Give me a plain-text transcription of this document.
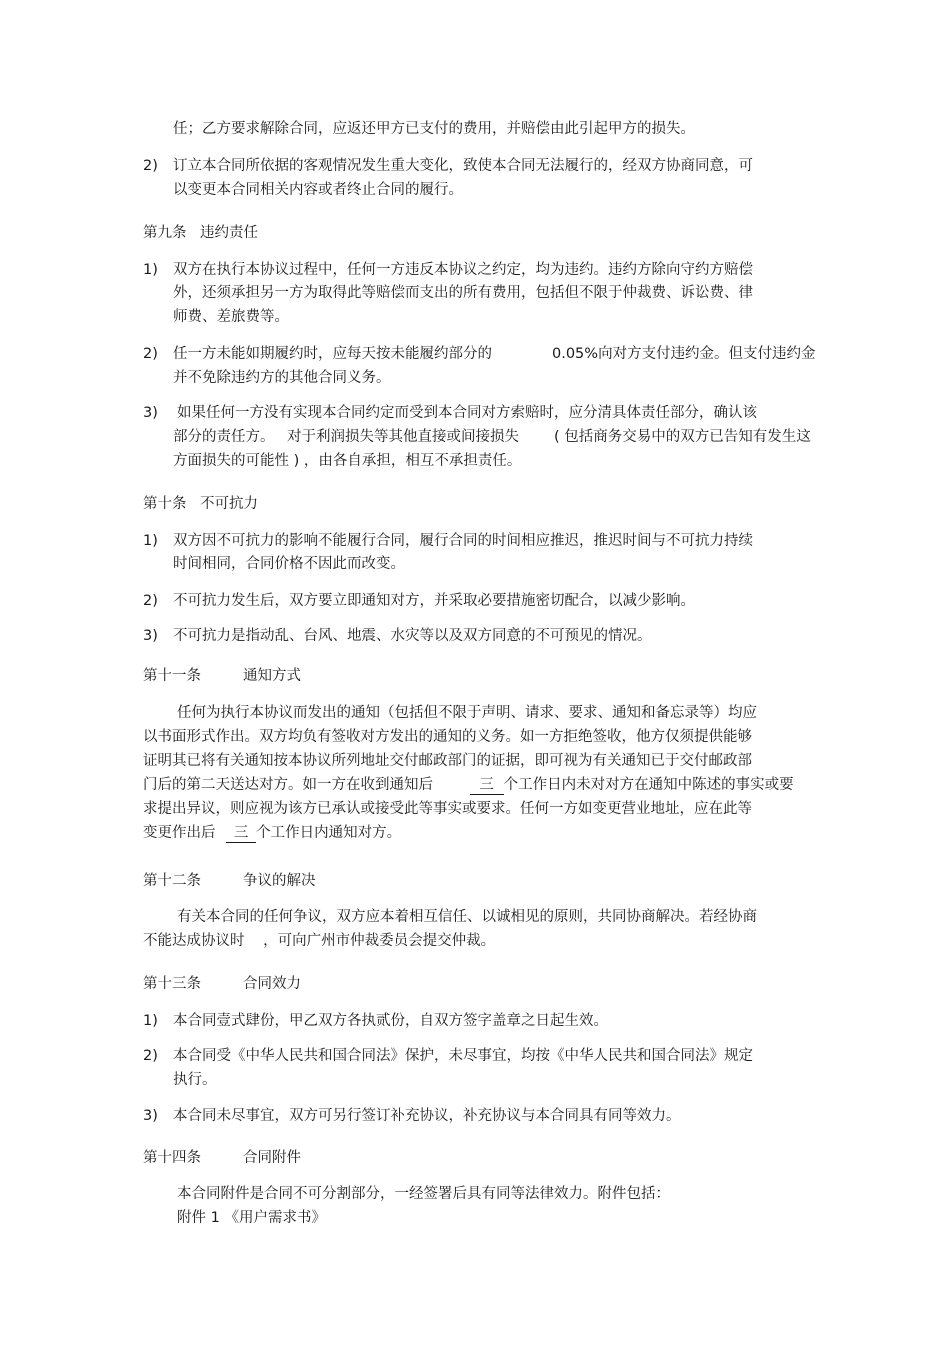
任；乙方要求解除合同，应返还甲方已支付的费用，并赔偿由此引起甲方的损失。
2) 订立本合同所依据的客观情况发生重大变化，致使本合同无法履行的，经双方协商同意，可
以变更本合同相关内容或者终止合同的履行。
第九条 违约责任
1) 双方在执行本协议过程中，任何一方违反本协议之约定，均为违约。违约方除向守约方赔偿
外，还须承担另一方为取得此等赔偿而支出的所有费用，包括但不限于仲裁费、诉讼费、律
师费、差旅费等。
2) 任一方未能如期履约时，应每天按未能履约部分的	0.05%向对方支付违约金。但支付违约金
并不免除违约方的其他合同义务。
3) 如果任何一方没有实现本合同约定而受到本合同对方索赔时，应分清具体责任部分，确认该
部分的责任方。 对于利润损失等其他直接或间接损失 ( 包括商务交易中的双方已告知有发生这
方面损失的可能性 ) ，由各自承担，相互不承担责任。
第十条 不可抗力
1) 双方因不可抗力的影响不能履行合同，履行合同的时间相应推迟，推迟时间与不可抗力持续
时间相同，合同价格不因此而改变。
2) 不可抗力发生后，双方要立即通知对方，并采取必要措施密切配合，以减少影响。
3) 不可抗力是指动乱、台风、地震、水灾等以及双方同意的不可预见的情况。
第十一条	通知方式
任何为执行本协议而发出的通知（包括但不限于声明、请求、要求、通知和备忘录等）均应
以书面形式作出。双方均负有签收对方发出的通知的义务。如一方拒绝签收，他方仅须提供能够
证明其已将有关通知按本协议所列地址交付邮政部门的证据，即可视为有关通知已于交付邮政部
门后的第二天送达对方。如一方在收到通知后	三 个工作日内未对对方在通知中陈述的事实或要
求提出异议，则应视为该方已承认或接受此等事实或要求。任何一方如变更营业地址，应在此等
变更作出后 三 个工作日内通知对方。
第十二条	争议的解决
有关本合同的任何争议，双方应本着相互信任、以诚相见的原则，共同协商解决。若经协商
不能达成协议时 ，可向广州市仲裁委员会提交仲裁。
第十三条	合同效力
1) 本合同壹式肆份，甲乙双方各执贰份，自双方签字盖章之日起生效。
2) 本合同受《中华人民共和国合同法》保护，未尽事宜，均按《中华人民共和国合同法》规定
执行。
3) 本合同未尽事宜，双方可另行签订补充协议，补充协议与本合同具有同等效力。
第十四条	合同附件
本合同附件是合同不可分割部分，一经签署后具有同等法律效力。附件包括：
附件 1 《用户需求书》
